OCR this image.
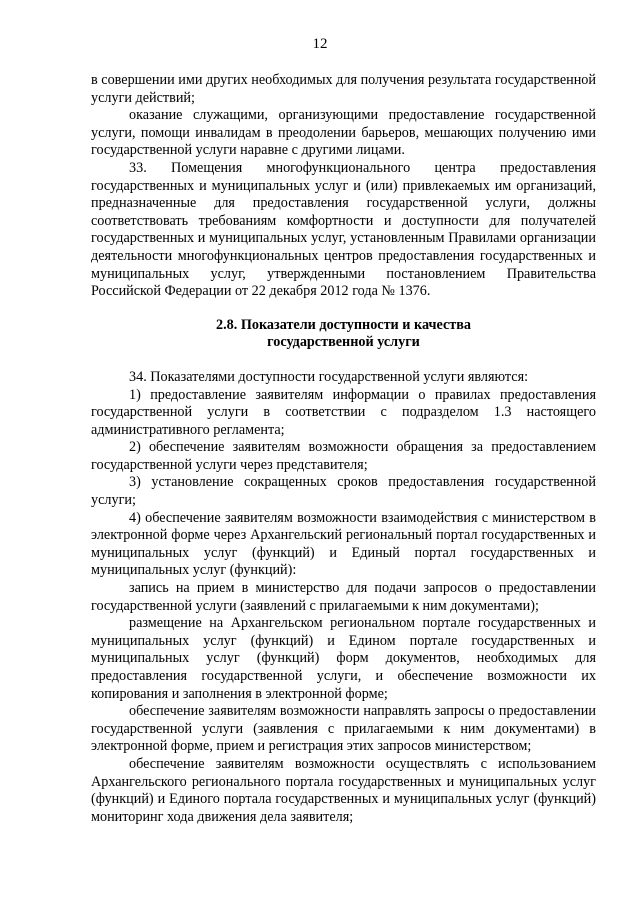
12

в совершении ими других необходимых для получения результата государственной услуги действий;

оказание служащими, организующими предоставление государственной услуги, помощи инвалидам в преодолении барьеров, мешающих получению ими государственной услуги наравне с другими лицами.

33. Помещения многофункционального центра предоставления государственных и муниципальных услуг и (или) привлекаемых им организаций, предназначенные для предоставления государственной услуги, должны соответствовать требованиям комфортности и доступности для получателей государственных и муниципальных услуг, установленным Правилами организации деятельности многофункциональных центров предоставления государственных и муниципальных услуг, утвержденными постановлением Правительства Российской Федерации от 22 декабря 2012 года № 1376.

2.8. Показатели доступности и качества
государственной услуги

34. Показателями доступности государственной услуги являются:

1) предоставление заявителям информации о правилах предоставления государственной услуги в соответствии с подразделом 1.3 настоящего административного регламента;

2) обеспечение заявителям возможности обращения за предоставлением государственной услуги через представителя;

3) установление сокращенных сроков предоставления государственной услуги;

4) обеспечение заявителям возможности взаимодействия с министерством в электронной форме через Архангельский региональный портал государственных и муниципальных услуг (функций) и Единый портал государственных и муниципальных услуг (функций):

запись на прием в министерство для подачи запросов о предоставлении государственной услуги (заявлений с прилагаемыми к ним документами);

размещение на Архангельском региональном портале государственных и муниципальных услуг (функций) и Едином портале государственных и муниципальных услуг (функций) форм документов, необходимых для предоставления государственной услуги, и обеспечение возможности их копирования и заполнения в электронной форме;

обеспечение заявителям возможности направлять запросы о предоставлении государственной услуги (заявления с прилагаемыми к ним документами) в электронной форме, прием и регистрация этих запросов министерством;

обеспечение заявителям возможности осуществлять с использованием Архангельского регионального портала государственных и муниципальных услуг (функций) и Единого портала государственных и муниципальных услуг (функций) мониторинг хода движения дела заявителя;
